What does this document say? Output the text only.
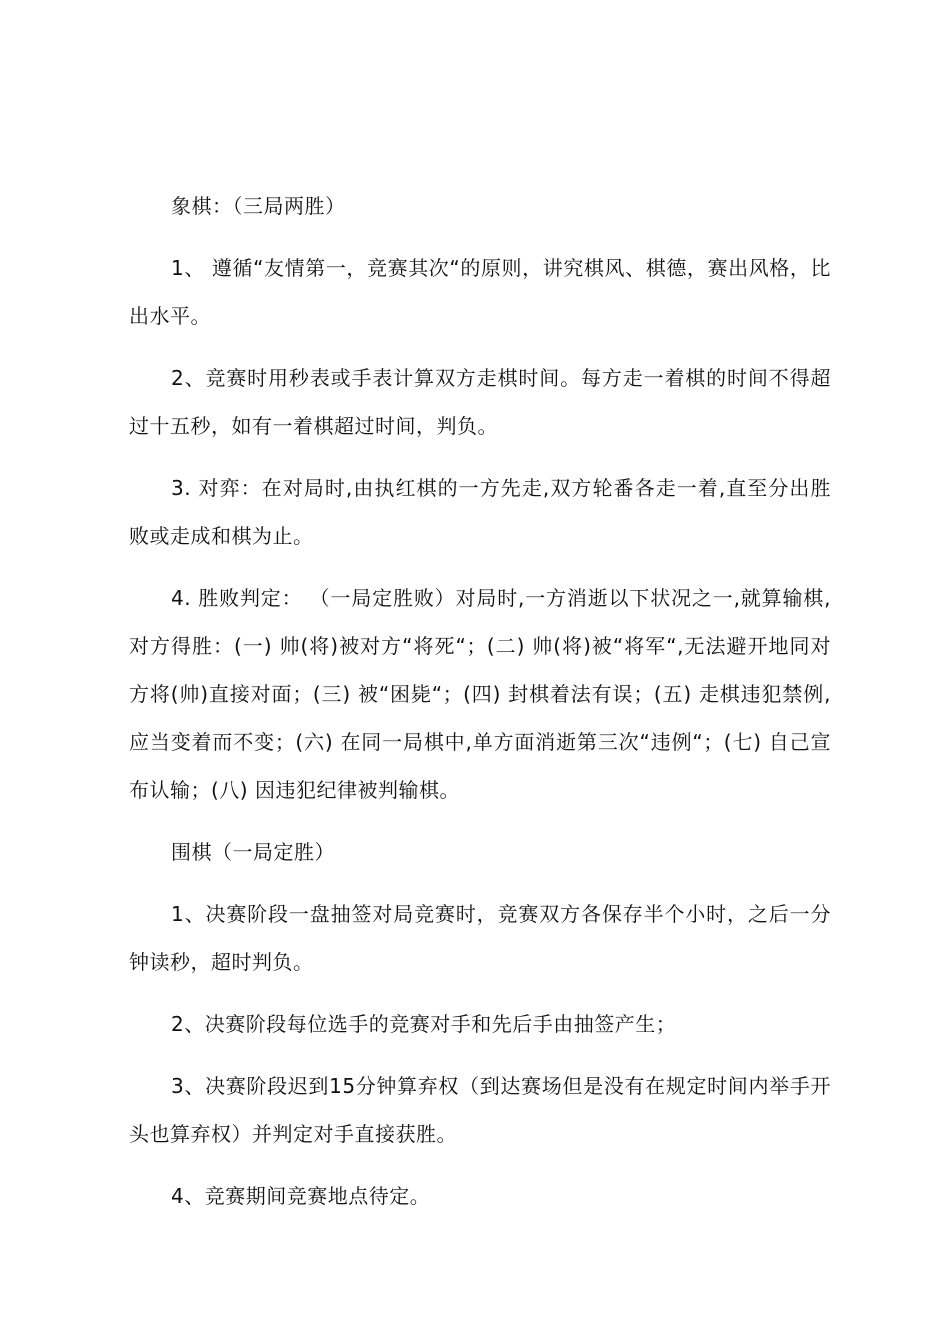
象棋：（三局两胜）

1、 遵循“友情第一，竞赛其次“的原则，讲究棋风、棋德，赛出风格，比出水平。

2、竞赛时用秒表或手表计算双方走棋时间。每方走一着棋的时间不得超过十五秒，如有一着棋超过时间，判负。

3. 对弈：在对局时,由执红棋的一方先走,双方轮番各走一着,直至分出胜败或走成和棋为止。

4. 胜败判定： （一局定胜败）对局时,一方消逝以下状况之一,就算输棋,对方得胜：(一) 帅(将)被对方“将死“；(二) 帅(将)被“将军“,无法避开地同对方将(帅)直接对面；(三) 被“困毙“；(四) 封棋着法有误；(五) 走棋违犯禁例,应当变着而不变；(六) 在同一局棋中,单方面消逝第三次“违例“；(七) 自己宣布认输；(八) 因违犯纪律被判输棋。

围棋（一局定胜）

1、决赛阶段一盘抽签对局竞赛时，竞赛双方各保存半个小时，之后一分钟读秒，超时判负。

2、决赛阶段每位选手的竞赛对手和先后手由抽签产生；

3、决赛阶段迟到15分钟算弃权（到达赛场但是没有在规定时间内举手开头也算弃权）并判定对手直接获胜。

4、竞赛期间竞赛地点待定。
